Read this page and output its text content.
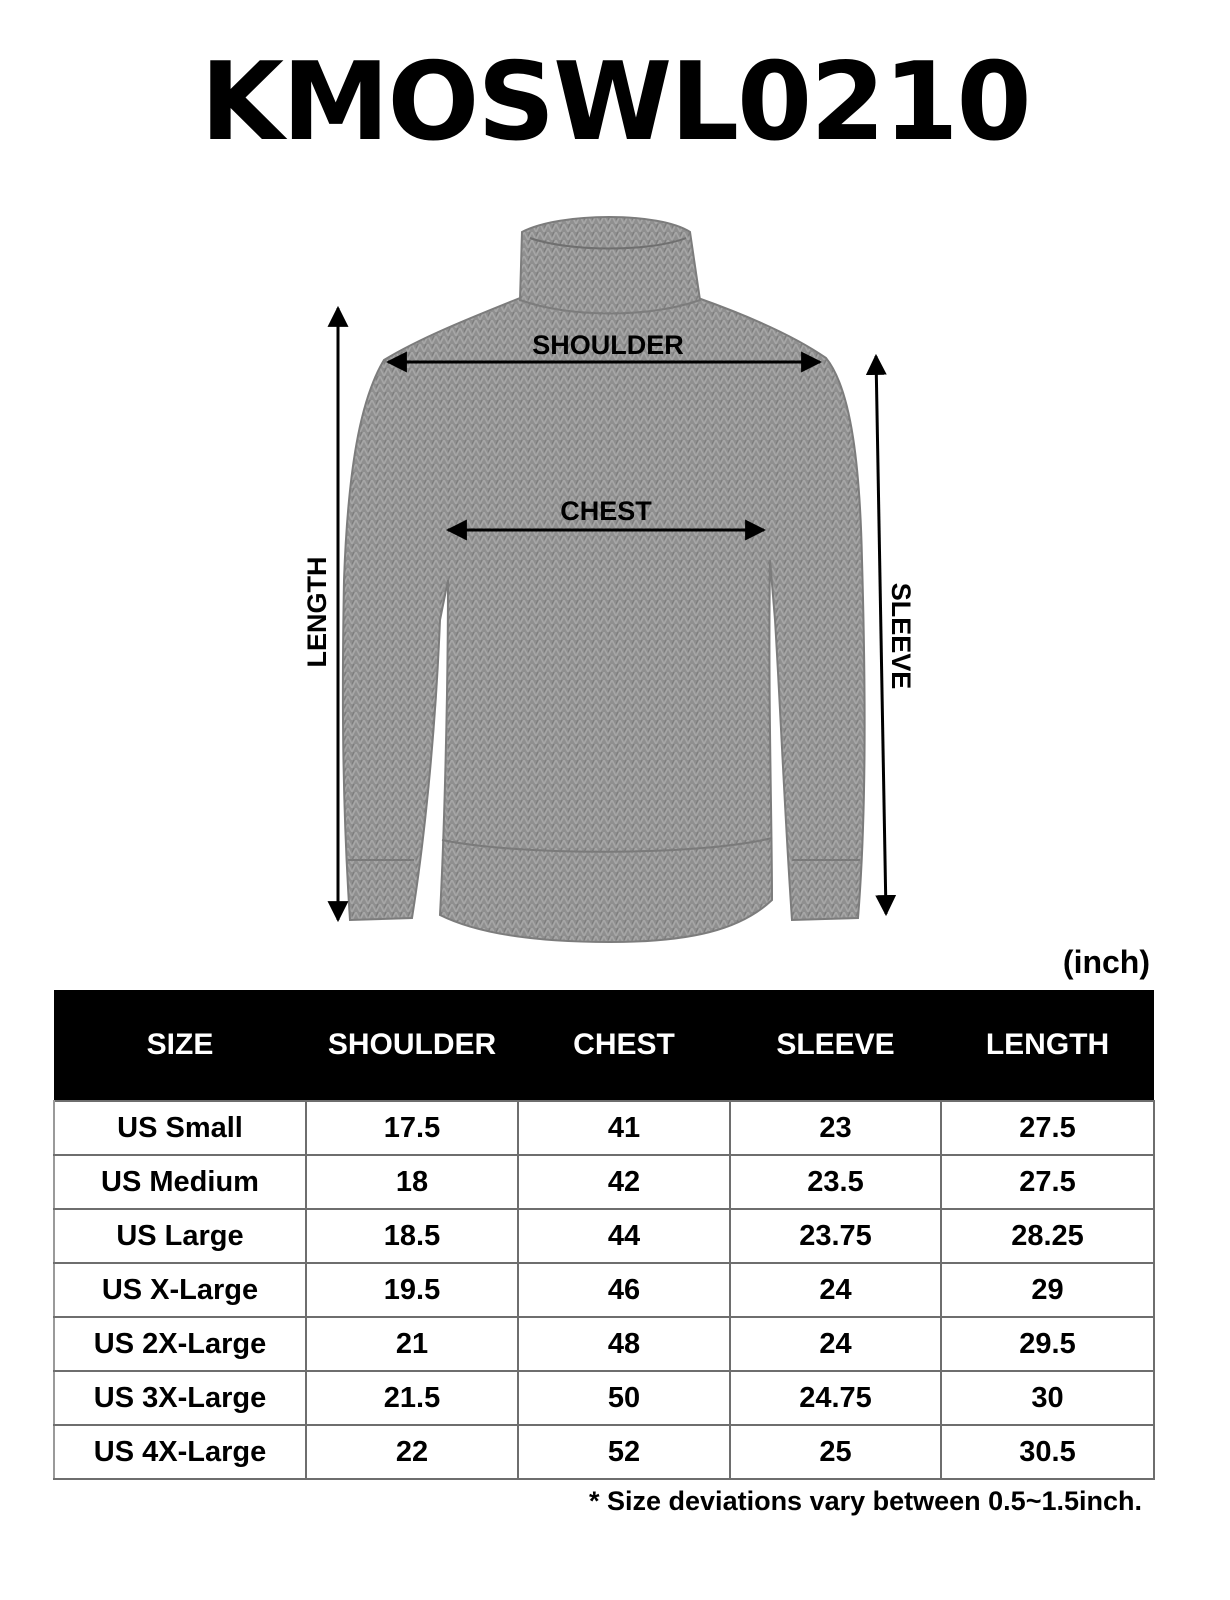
KMOSWL0210
SHOULDER
CHEST
LENGTH	SLEEVE
(inch)
SIZE	SHOULDER	CHEST	SLEEVE	LENGTH
US Small	17.5	41	23	27.5
US Medium	18	42	23.5	27.5
US Large	18.5	44	23.75	28.25
US X-Large	19.5	46	24	29
US 2X-Large	21	48	24	29.5
US 3X-Large	21.5	50	24.75	30
US 4X-Large	22	52	25	30.5
* Size deviations vary between 0.5~1.5inch.
